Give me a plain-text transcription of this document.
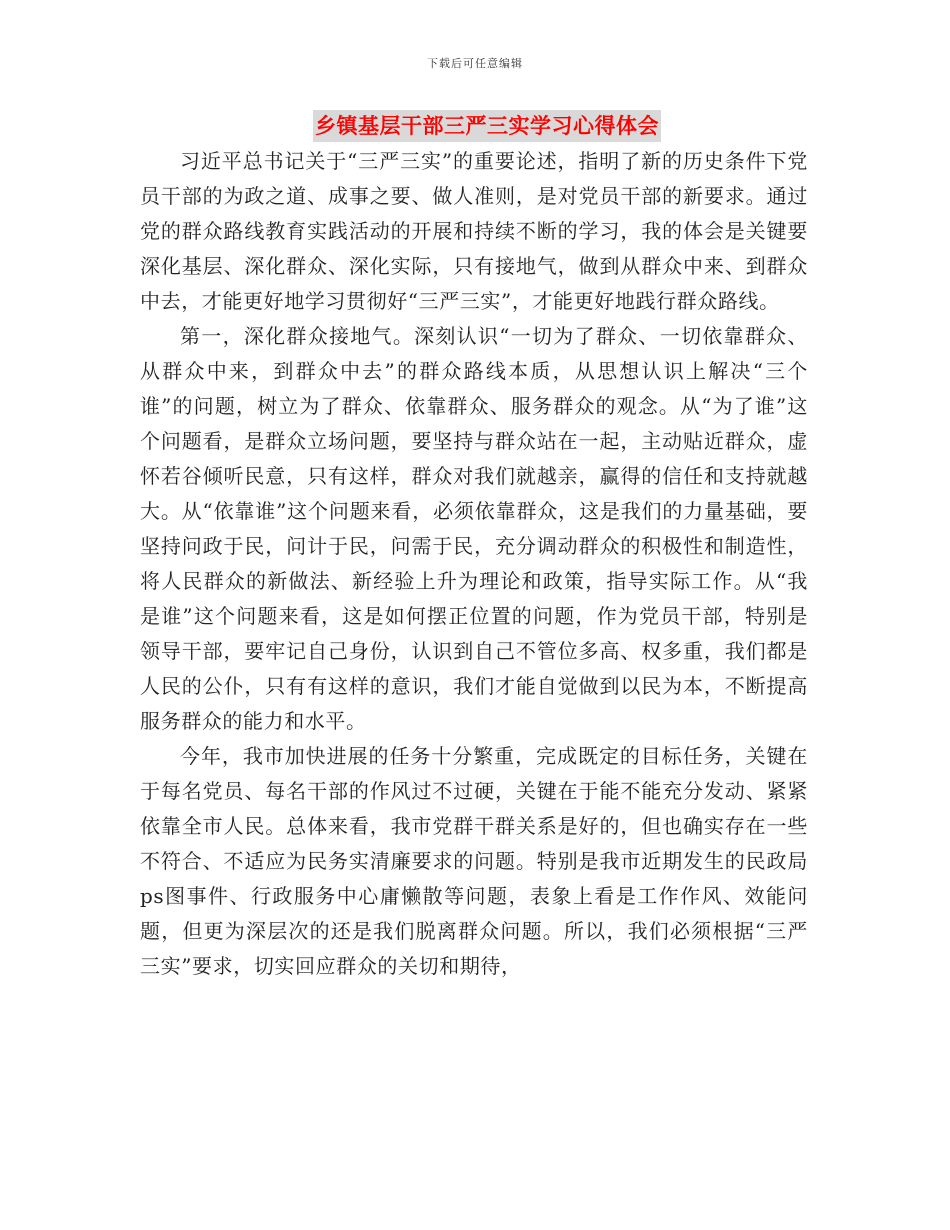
下载后可任意编辑
乡镇基层干部三严三实学习心得体会

习近平总书记关于“三严三实”的重要论述，指明了新的历史条件下党员干部的为政之道、成事之要、做人准则，是对党员干部的新要求。通过党的群众路线教育实践活动的开展和持续不断的学习，我的体会是关键要深化基层、深化群众、深化实际，只有接地气，做到从群众中来、到群众中去，才能更好地学习贯彻好“三严三实”，才能更好地践行群众路线。

第一，深化群众接地气。深刻认识“一切为了群众、一切依靠群众、从群众中来，到群众中去”的群众路线本质，从思想认识上解决“三个谁”的问题，树立为了群众、依靠群众、服务群众的观念。从“为了谁”这个问题看，是群众立场问题，要坚持与群众站在一起，主动贴近群众，虚怀若谷倾听民意，只有这样，群众对我们就越亲，赢得的信任和支持就越大。从“依靠谁”这个问题来看，必须依靠群众，这是我们的力量基础，要坚持问政于民，问计于民，问需于民，充分调动群众的积极性和制造性，将人民群众的新做法、新经验上升为理论和政策，指导实际工作。从“我是谁”这个问题来看，这是如何摆正位置的问题，作为党员干部，特别是领导干部，要牢记自己身份，认识到自己不管位多高、权多重，我们都是人民的公仆，只有有这样的意识，我们才能自觉做到以民为本，不断提高服务群众的能力和水平。

今年，我市加快进展的任务十分繁重，完成既定的目标任务，关键在于每名党员、每名干部的作风过不过硬，关键在于能不能充分发动、紧紧依靠全市人民。总体来看，我市党群干群关系是好的，但也确实存在一些不符合、不适应为民务实清廉要求的问题。特别是我市近期发生的民政局ps图事件、行政服务中心庸懒散等问题，表象上看是工作作风、效能问题，但更为深层次的还是我们脱离群众问题。所以，我们必须根据“三严三实”要求，切实回应群众的关切和期待，
